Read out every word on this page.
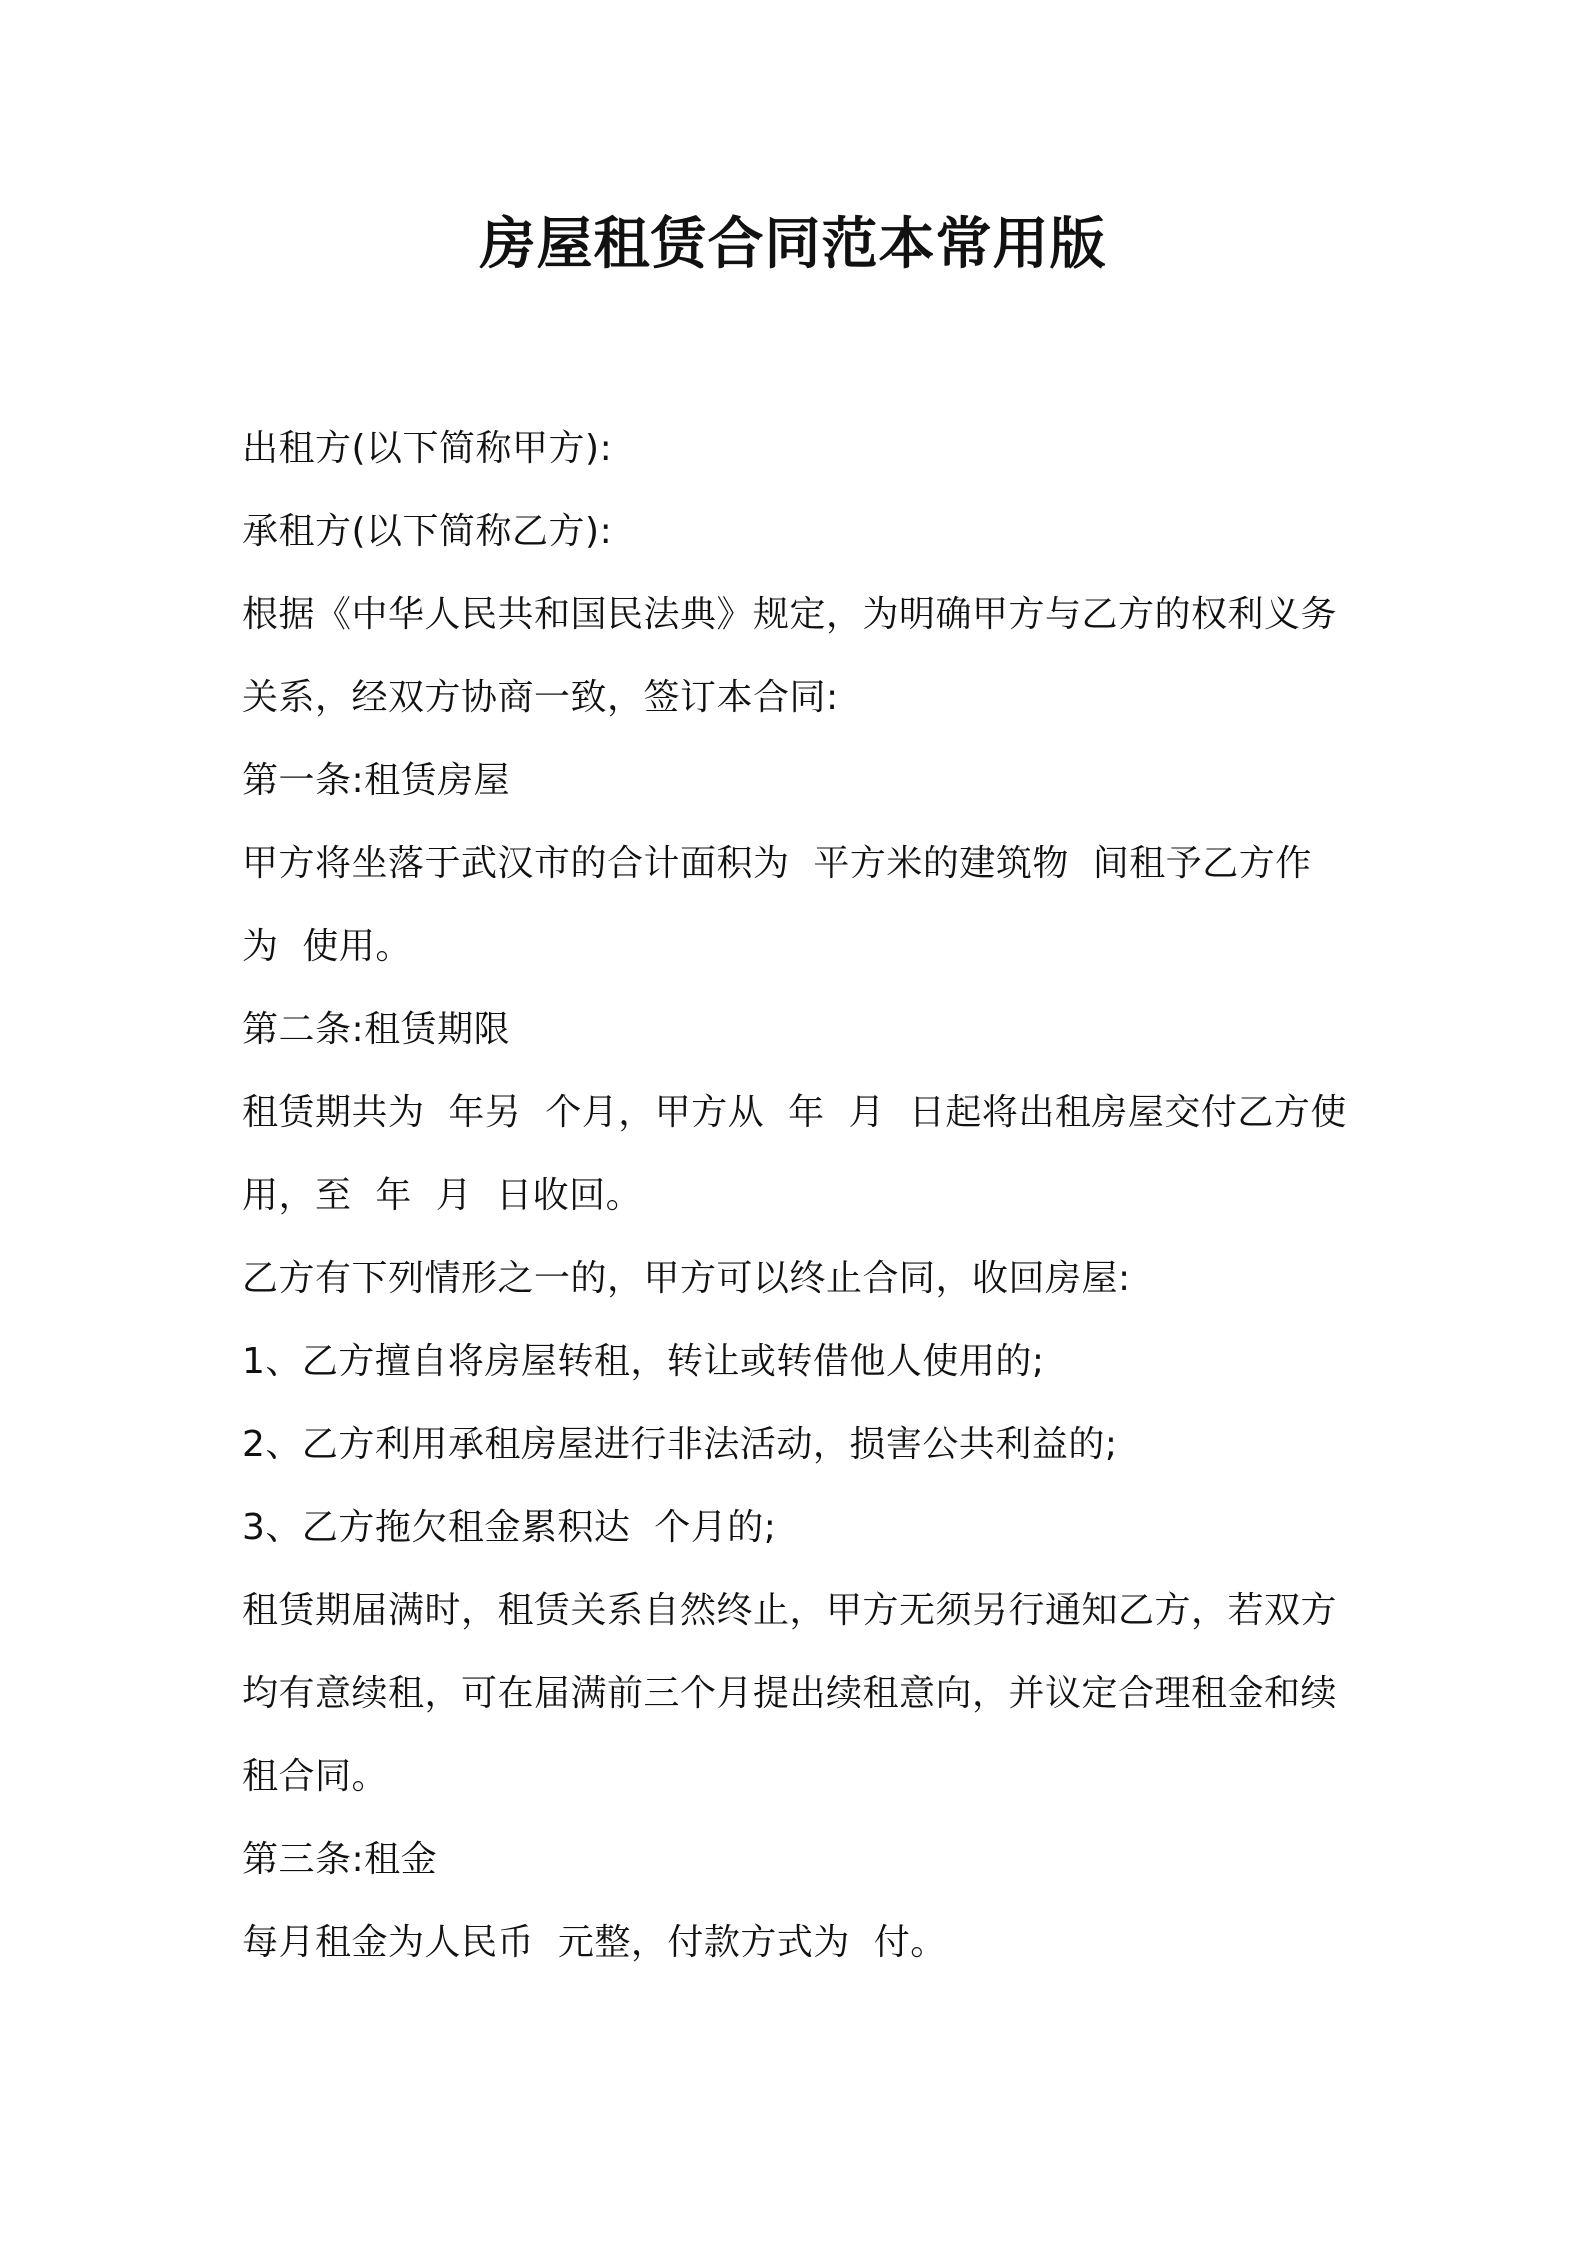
房屋租赁合同范本常用版

出租方(以下简称甲方):

承租方(以下简称乙方):

根据《中华人民共和国民法典》规定，为明确甲方与乙方的权利义务
关系，经双方协商一致，签订本合同:

第一条:租赁房屋

甲方将坐落于武汉市的合计面积为  平方米的建筑物  间租予乙方作
为  使用。

第二条:租赁期限

租赁期共为  年另  个月，甲方从  年  月  日起将出租房屋交付乙方使
用，至  年  月  日收回。

乙方有下列情形之一的，甲方可以终止合同，收回房屋:

1、乙方擅自将房屋转租，转让或转借他人使用的;

2、乙方利用承租房屋进行非法活动，损害公共利益的;

3、乙方拖欠租金累积达  个月的;

租赁期届满时，租赁关系自然终止，甲方无须另行通知乙方，若双方
均有意续租，可在届满前三个月提出续租意向，并议定合理租金和续
租合同。

第三条:租金

每月租金为人民币  元整，付款方式为  付。
